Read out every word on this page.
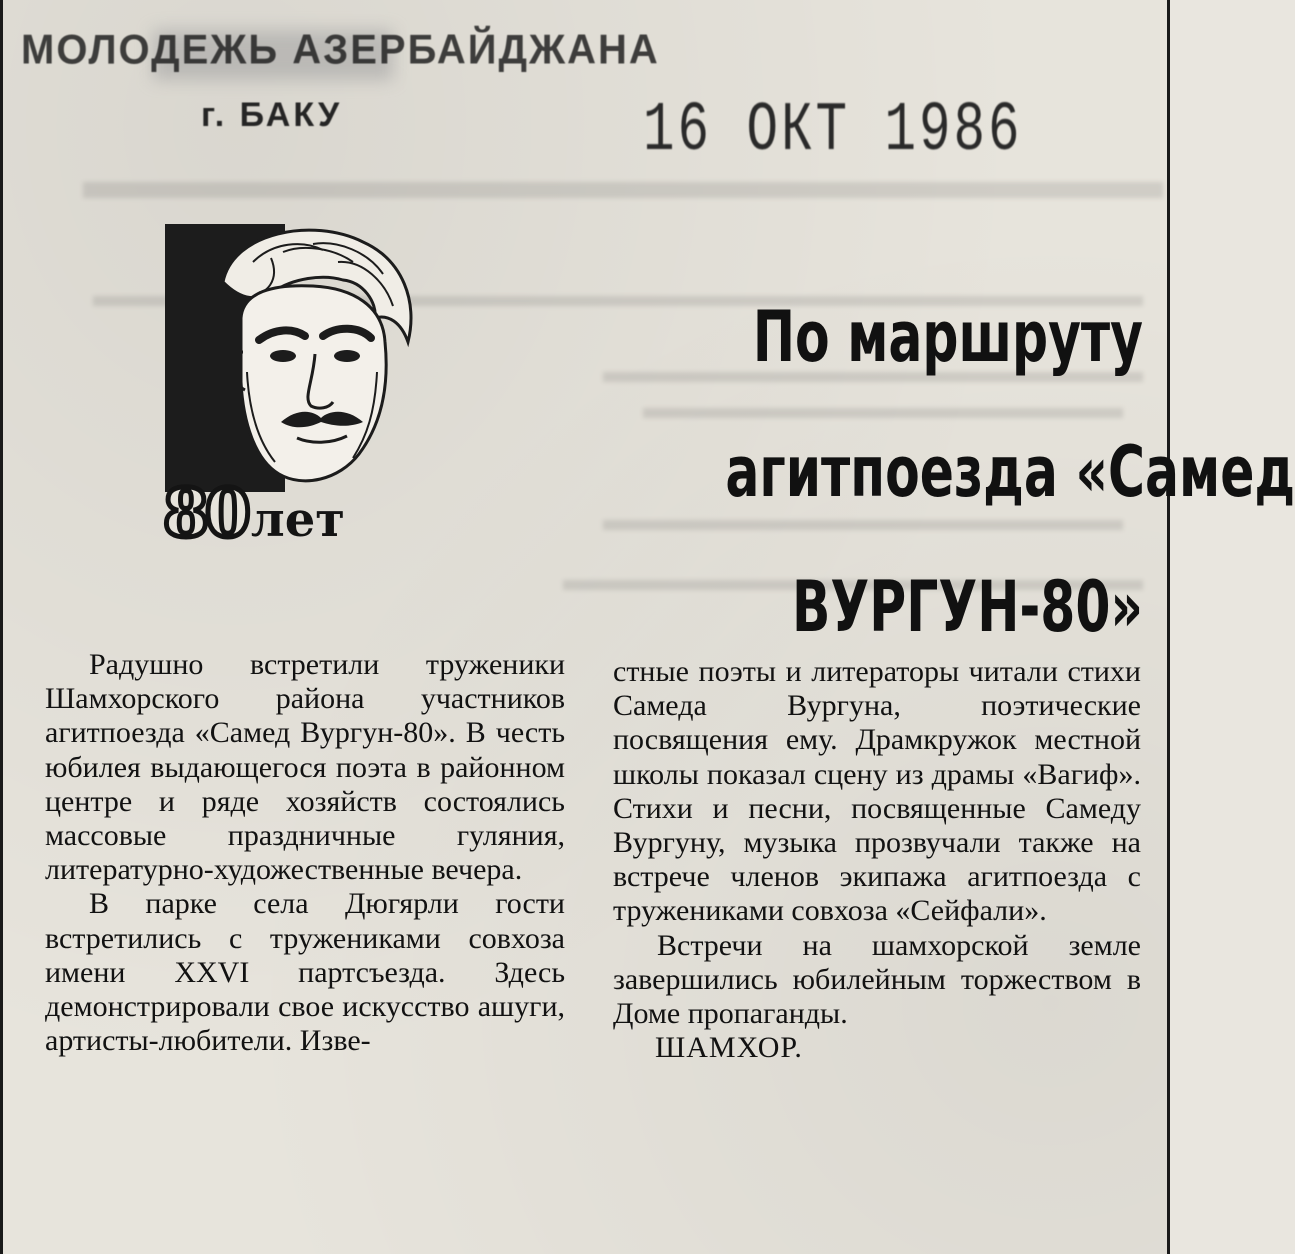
МОЛОДЕЖЬ АЗЕРБАЙДЖАНА
г. БАКУ	16 ОКТ 1986
80лет
По маршруту
агитпоезда «Самед
ВУРГУН-80»

Радушно встретили труженики Шамхорского района участников агитпоезда «Самед Вургун-80». В честь юбилея выдающегося поэта в районном центре и ряде хозяйств состоялись массовые праздничные гуляния, литературно-художественные вечера.

В парке села Дюгярли гости встретились с тружениками совхоза имени XXVI партсъезда. Здесь демонстрировали свое искусство ашуги, артисты-любители. Изве-

стные поэты и литераторы читали стихи Самеда Вургуна, поэтические посвящения ему. Драмкружок местной школы показал сцену из драмы «Вагиф». Стихи и песни, посвященные Самеду Вургуну, музыка прозвучали также на встрече членов экипажа агитпоезда с тружениками совхоза «Сейфали».

Встречи на шамхорской земле завершились юбилейным торжеством в Доме пропаганды.

ШАМХОР.
